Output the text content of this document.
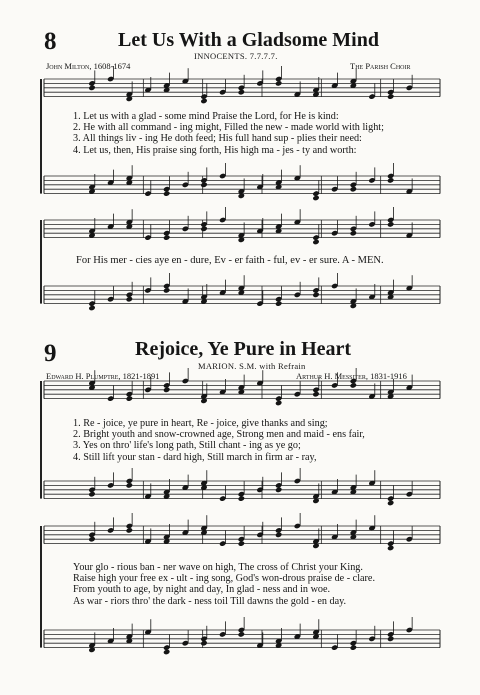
8	Let Us With a Gladsome Mind
INNOCENTS. 7.7.7.7.
John Milton, 1608-1674	The Parish Choir
1. Let us with a glad - some mind Praise the Lord, for He is kind:
2. He with all command - ing might, Filled the new - made world with light;
3. All things liv - ing He doth feed; His full hand sup - plies their need:
4. Let us, then, His praise sing forth, His high ma - jes - ty and worth:
For His mer - cies aye en - dure, Ev - er faith - ful, ev - er sure. A - MEN.
9	Rejoice, Ye Pure in Heart
MARION. S.M. with Refrain
Edward H. Plumptre, 1821-1891	Arthur H. Messiter, 1831-1916
1. Re - joice, ye pure in heart, Re - joice, give thanks and sing;
2. Bright youth and snow-crowned age, Strong men and maid - ens fair,
3. Yes on thro' life's long path, Still chant - ing as ye go;
4. Still lift your stan - dard high, Still march in firm ar - ray,
Your glo - rious ban - ner wave on high, The cross of Christ your King.
Raise high your free ex - ult - ing song, God's won-drous praise de - clare.
From youth to age, by night and day, In glad - ness and in woe.
As war - riors thro' the dark - ness toil Till dawns the gold - en day.
